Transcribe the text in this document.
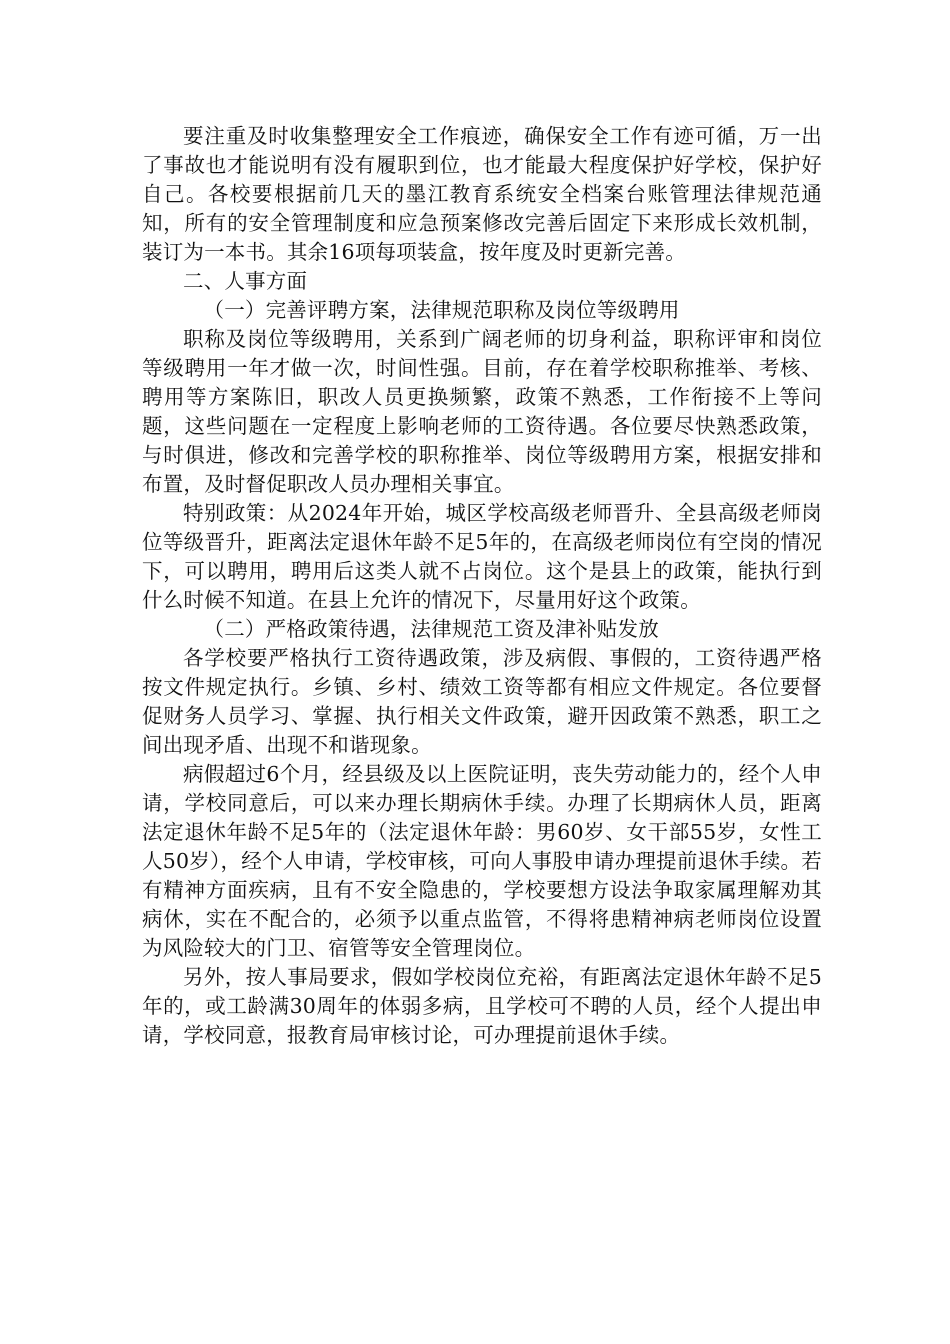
要注重及时收集整理安全工作痕迹，确保安全工作有迹可循，万一出了事故也才能说明有没有履职到位，也才能最大程度保护好学校，保护好自己。各校要根据前几天的墨江教育系统安全档案台账管理法律规范通知，所有的安全管理制度和应急预案修改完善后固定下来形成长效机制，装订为一本书。其余16项每项装盒，按年度及时更新完善。

二、人事方面

（一）完善评聘方案，法律规范职称及岗位等级聘用

职称及岗位等级聘用，关系到广阔老师的切身利益，职称评审和岗位等级聘用一年才做一次，时间性强。目前，存在着学校职称推举、考核、聘用等方案陈旧，职改人员更换频繁，政策不熟悉，工作衔接不上等问题，这些问题在一定程度上影响老师的工资待遇。各位要尽快熟悉政策，与时俱进，修改和完善学校的职称推举、岗位等级聘用方案，根据安排和布置，及时督促职改人员办理相关事宜。

特别政策：从2024年开始，城区学校高级老师晋升、全县高级老师岗位等级晋升，距离法定退休年龄不足5年的，在高级老师岗位有空岗的情况下，可以聘用，聘用后这类人就不占岗位。这个是县上的政策，能执行到什么时候不知道。在县上允许的情况下，尽量用好这个政策。

（二）严格政策待遇，法律规范工资及津补贴发放

各学校要严格执行工资待遇政策，涉及病假、事假的，工资待遇严格按文件规定执行。乡镇、乡村、绩效工资等都有相应文件规定。各位要督促财务人员学习、掌握、执行相关文件政策，避开因政策不熟悉，职工之间出现矛盾、出现不和谐现象。

病假超过6个月，经县级及以上医院证明，丧失劳动能力的，经个人申请，学校同意后，可以来办理长期病休手续。办理了长期病休人员，距离法定退休年龄不足5年的（法定退休年龄：男60岁、女干部55岁，女性工人50岁），经个人申请，学校审核，可向人事股申请办理提前退休手续。若有精神方面疾病，且有不安全隐患的，学校要想方设法争取家属理解劝其病休，实在不配合的，必须予以重点监管，不得将患精神病老师岗位设置为风险较大的门卫、宿管等安全管理岗位。

另外，按人事局要求，假如学校岗位充裕，有距离法定退休年龄不足5年的，或工龄满30周年的体弱多病，且学校可不聘的人员，经个人提出申请，学校同意，报教育局审核讨论，可办理提前退休手续。
